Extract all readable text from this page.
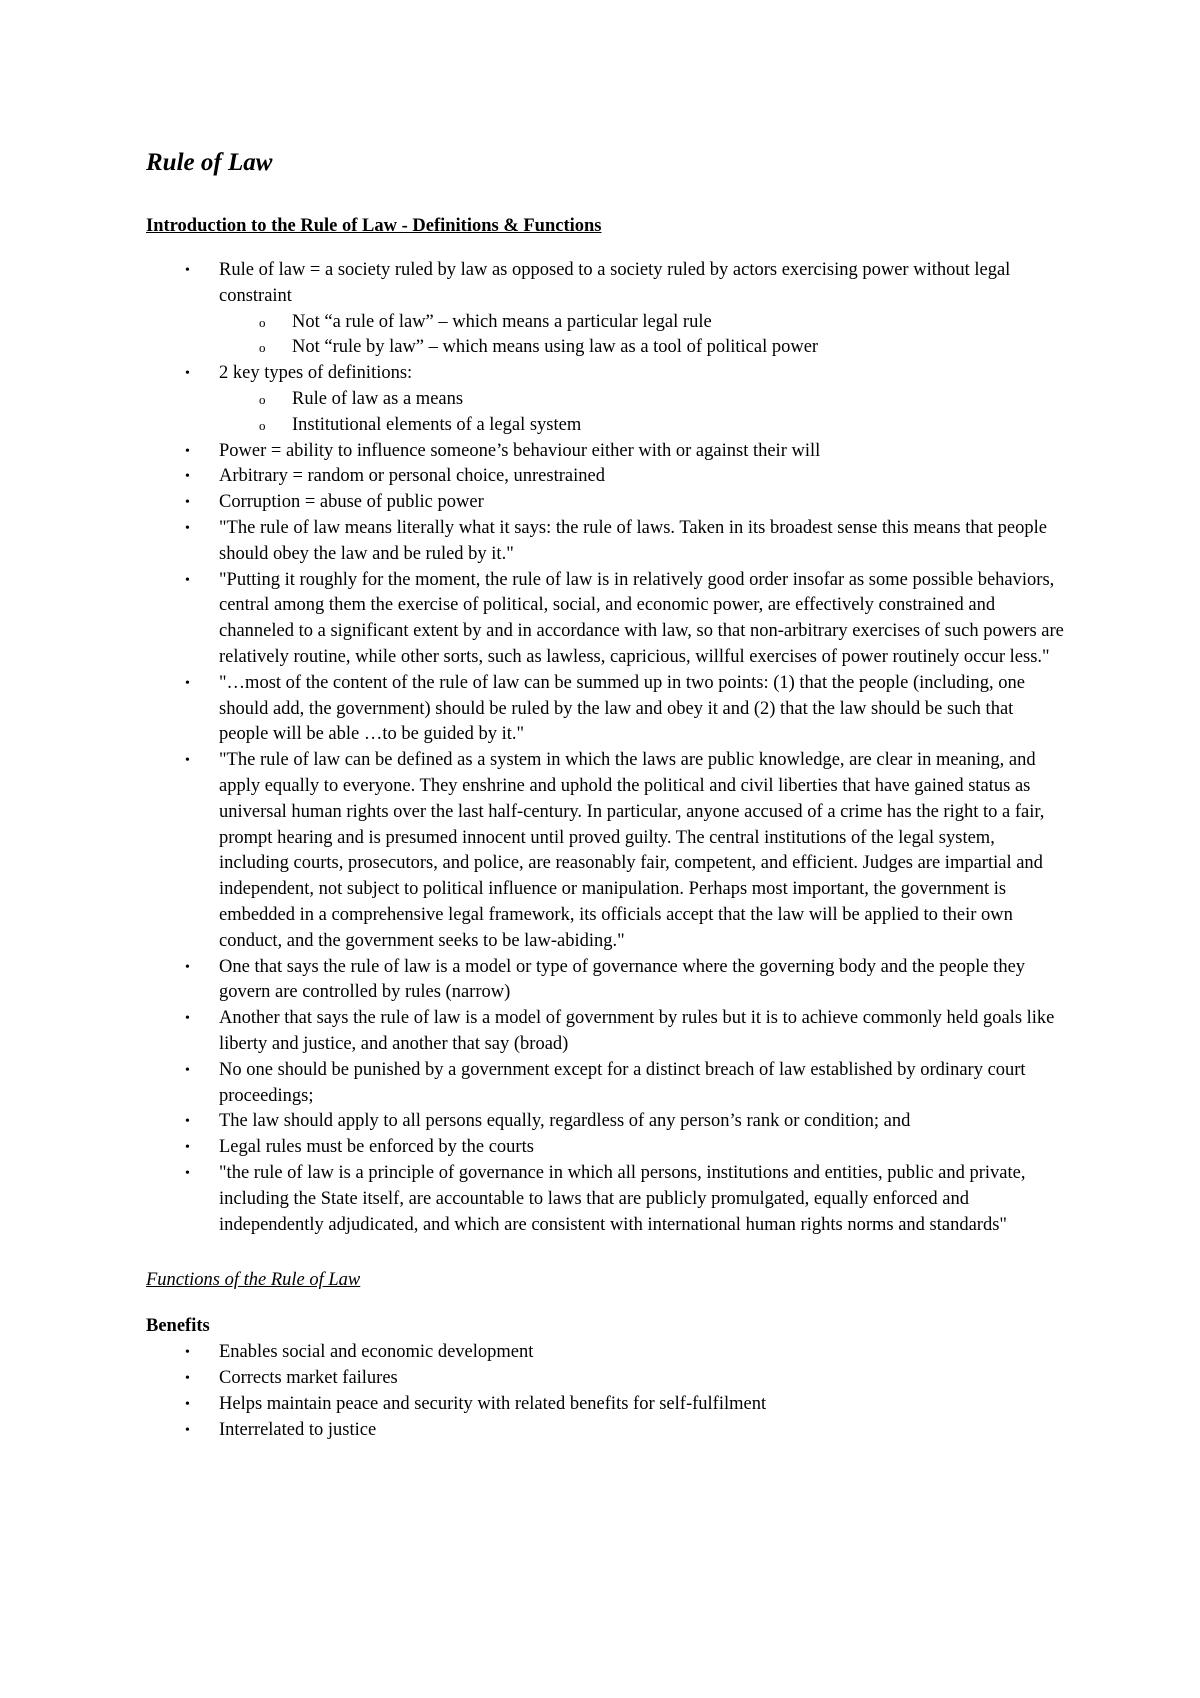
Rule of Law
Introduction to the Rule of Law - Definitions & Functions
• Rule of law = a society ruled by law as opposed to a society ruled by actors exercising power without legal constraint
o Not “a rule of law” – which means a particular legal rule
o Not “rule by law” – which means using law as a tool of political power
• 2 key types of definitions:
o Rule of law as a means
o Institutional elements of a legal system
• Power = ability to influence someone’s behaviour either with or against their will
• Arbitrary = random or personal choice, unrestrained
• Corruption = abuse of public power
• "The rule of law means literally what it says: the rule of laws. Taken in its broadest sense this means that people should obey the law and be ruled by it."
• "Putting it roughly for the moment, the rule of law is in relatively good order insofar as some possible behaviors, central among them the exercise of political, social, and economic power, are effectively constrained and channeled to a significant extent by and in accordance with law, so that non-arbitrary exercises of such powers are relatively routine, while other sorts, such as lawless, capricious, willful exercises of power routinely occur less."
• "…most of the content of the rule of law can be summed up in two points: (1) that the people (including, one should add, the government) should be ruled by the law and obey it and (2) that the law should be such that people will be able …to be guided by it."
• "The rule of law can be defined as a system in which the laws are public knowledge, are clear in meaning, and apply equally to everyone. They enshrine and uphold the political and civil liberties that have gained status as universal human rights over the last half-century. In particular, anyone accused of a crime has the right to a fair, prompt hearing and is presumed innocent until proved guilty. The central institutions of the legal system, including courts, prosecutors, and police, are reasonably fair, competent, and efficient. Judges are impartial and independent, not subject to political influence or manipulation. Perhaps most important, the government is embedded in a comprehensive legal framework, its officials accept that the law will be applied to their own conduct, and the government seeks to be law-abiding."
• One that says the rule of law is a model or type of governance where the governing body and the people they govern are controlled by rules (narrow)
• Another that says the rule of law is a model of government by rules but it is to achieve commonly held goals like liberty and justice, and another that say (broad)
• No one should be punished by a government except for a distinct breach of law established by ordinary court proceedings;
• The law should apply to all persons equally, regardless of any person’s rank or condition; and
• Legal rules must be enforced by the courts
• "the rule of law is a principle of governance in which all persons, institutions and entities, public and private, including the State itself, are accountable to laws that are publicly promulgated, equally enforced and independently adjudicated, and which are consistent with international human rights norms and standards"
Functions of the Rule of Law
Benefits
• Enables social and economic development
• Corrects market failures
• Helps maintain peace and security with related benefits for self-fulfilment
• Interrelated to justice
